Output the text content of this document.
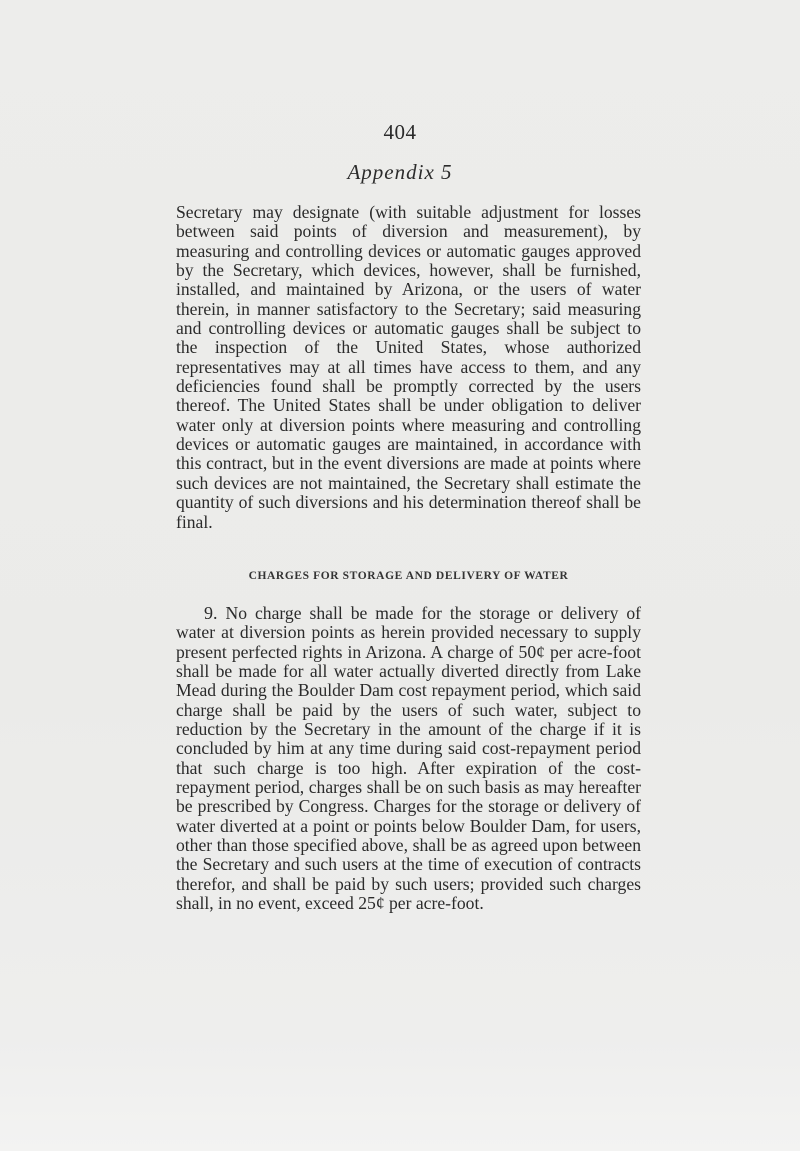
404
Appendix 5

Secretary may designate (with suitable adjustment for losses between said points of diversion and measurement), by measuring and controlling devices or automatic gauges approved by the Secretary, which devices, however, shall be furnished, installed, and maintained by Arizona, or the users of water therein, in manner satisfactory to the Secretary; said measuring and controlling devices or automatic gauges shall be subject to the inspection of the United States, whose authorized representatives may at all times have access to them, and any deficiencies found shall be promptly corrected by the users thereof. The United States shall be under obligation to deliver water only at diversion points where measuring and controlling devices or automatic gauges are maintained, in accordance with this contract, but in the event diversions are made at points where such devices are not maintained, the Secretary shall estimate the quantity of such diversions and his determination thereof shall be final.

CHARGES FOR STORAGE AND DELIVERY OF WATER

9. No charge shall be made for the storage or delivery of water at diversion points as herein provided necessary to supply present perfected rights in Arizona. A charge of 50¢ per acre-foot shall be made for all water actually diverted directly from Lake Mead during the Boulder Dam cost repayment period, which said charge shall be paid by the users of such water, subject to reduction by the Secretary in the amount of the charge if it is concluded by him at any time during said cost-repayment period that such charge is too high. After expiration of the cost-repayment period, charges shall be on such basis as may hereafter be prescribed by Congress. Charges for the storage or delivery of water diverted at a point or points below Boulder Dam, for users, other than those specified above, shall be as agreed upon between the Secretary and such users at the time of execution of contracts therefor, and shall be paid by such users; provided such charges shall, in no event, exceed 25¢ per acre-foot.
